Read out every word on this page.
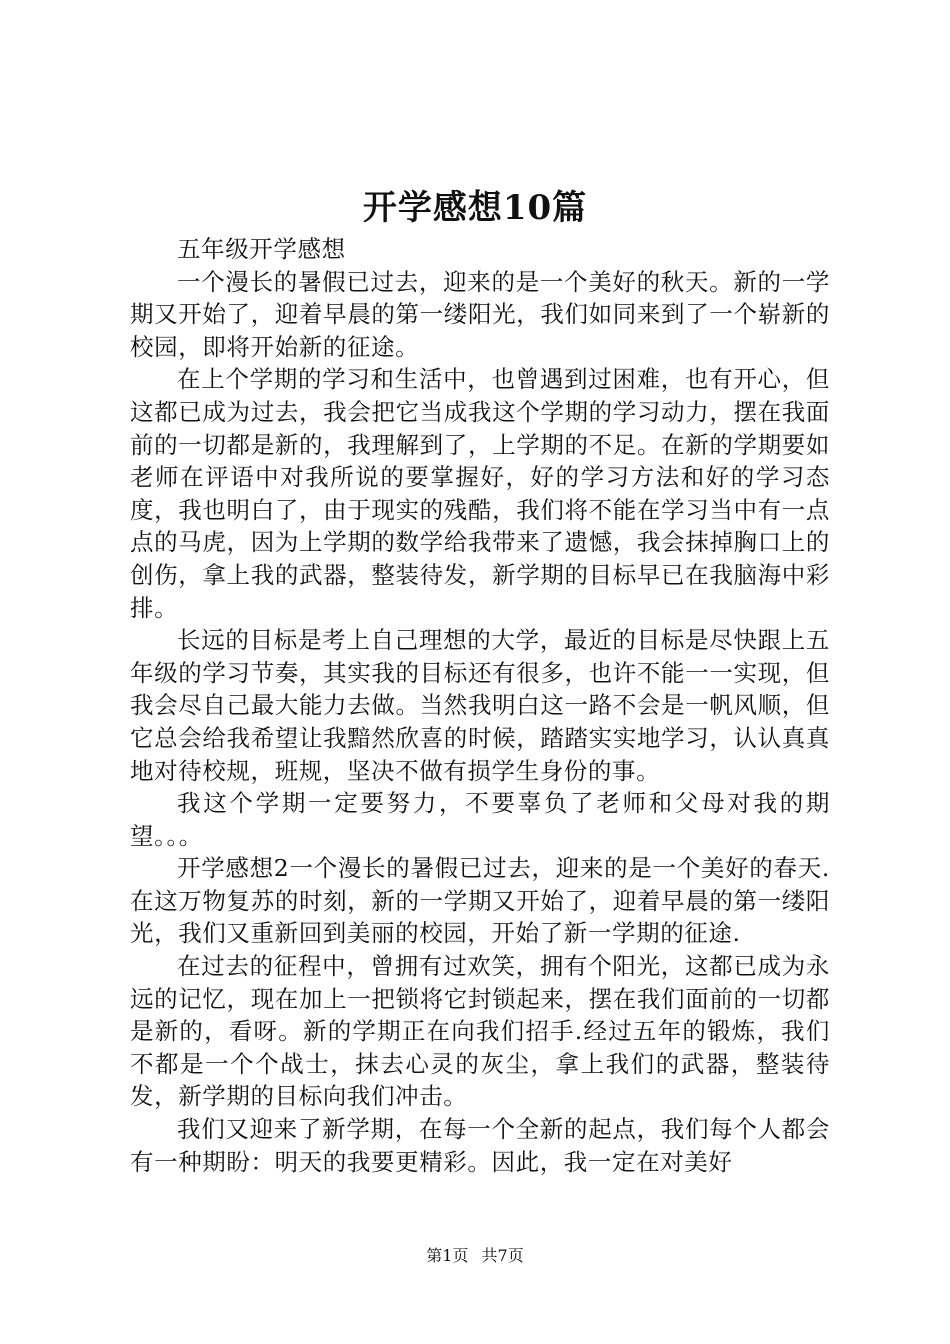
开学感想10篇

五年级开学感想

一个漫长的暑假已过去，迎来的是一个美好的秋天。新的一学期又开始了，迎着早晨的第一缕阳光，我们如同来到了一个崭新的校园，即将开始新的征途。

在上个学期的学习和生活中，也曾遇到过困难，也有开心，但这都已成为过去，我会把它当成我这个学期的学习动力，摆在我面前的一切都是新的，我理解到了，上学期的不足。在新的学期要如老师在评语中对我所说的要掌握好，好的学习方法和好的学习态度，我也明白了，由于现实的残酷，我们将不能在学习当中有一点点的马虎，因为上学期的数学给我带来了遗憾，我会抹掉胸口上的创伤，拿上我的武器，整装待发，新学期的目标早已在我脑海中彩排。

长远的目标是考上自己理想的大学，最近的目标是尽快跟上五年级的学习节奏，其实我的目标还有很多，也许不能一一实现，但我会尽自己最大能力去做。当然我明白这一路不会是一帆风顺，但它总会给我希望让我黯然欣喜的时候，踏踏实实地学习，认认真真地对待校规，班规，坚决不做有损学生身份的事。

我这个学期一定要努力，不要辜负了老师和父母对我的期望。。。

开学感想2一个漫长的暑假已过去，迎来的是一个美好的春天.在这万物复苏的时刻，新的一学期又开始了，迎着早晨的第一缕阳光，我们又重新回到美丽的校园，开始了新一学期的征途.

在过去的征程中，曾拥有过欢笑，拥有个阳光，这都已成为永远的记忆，现在加上一把锁将它封锁起来，摆在我们面前的一切都是新的，看呀。新的学期正在向我们招手.经过五年的锻炼，我们不都是一个个战士，抹去心灵的灰尘，拿上我们的武器，整装待发，新学期的目标向我们冲击。

我们又迎来了新学期，在每一个全新的起点，我们每个人都会有一种期盼：明天的我要更精彩。因此，我一定在对美好

第1页 共7页
